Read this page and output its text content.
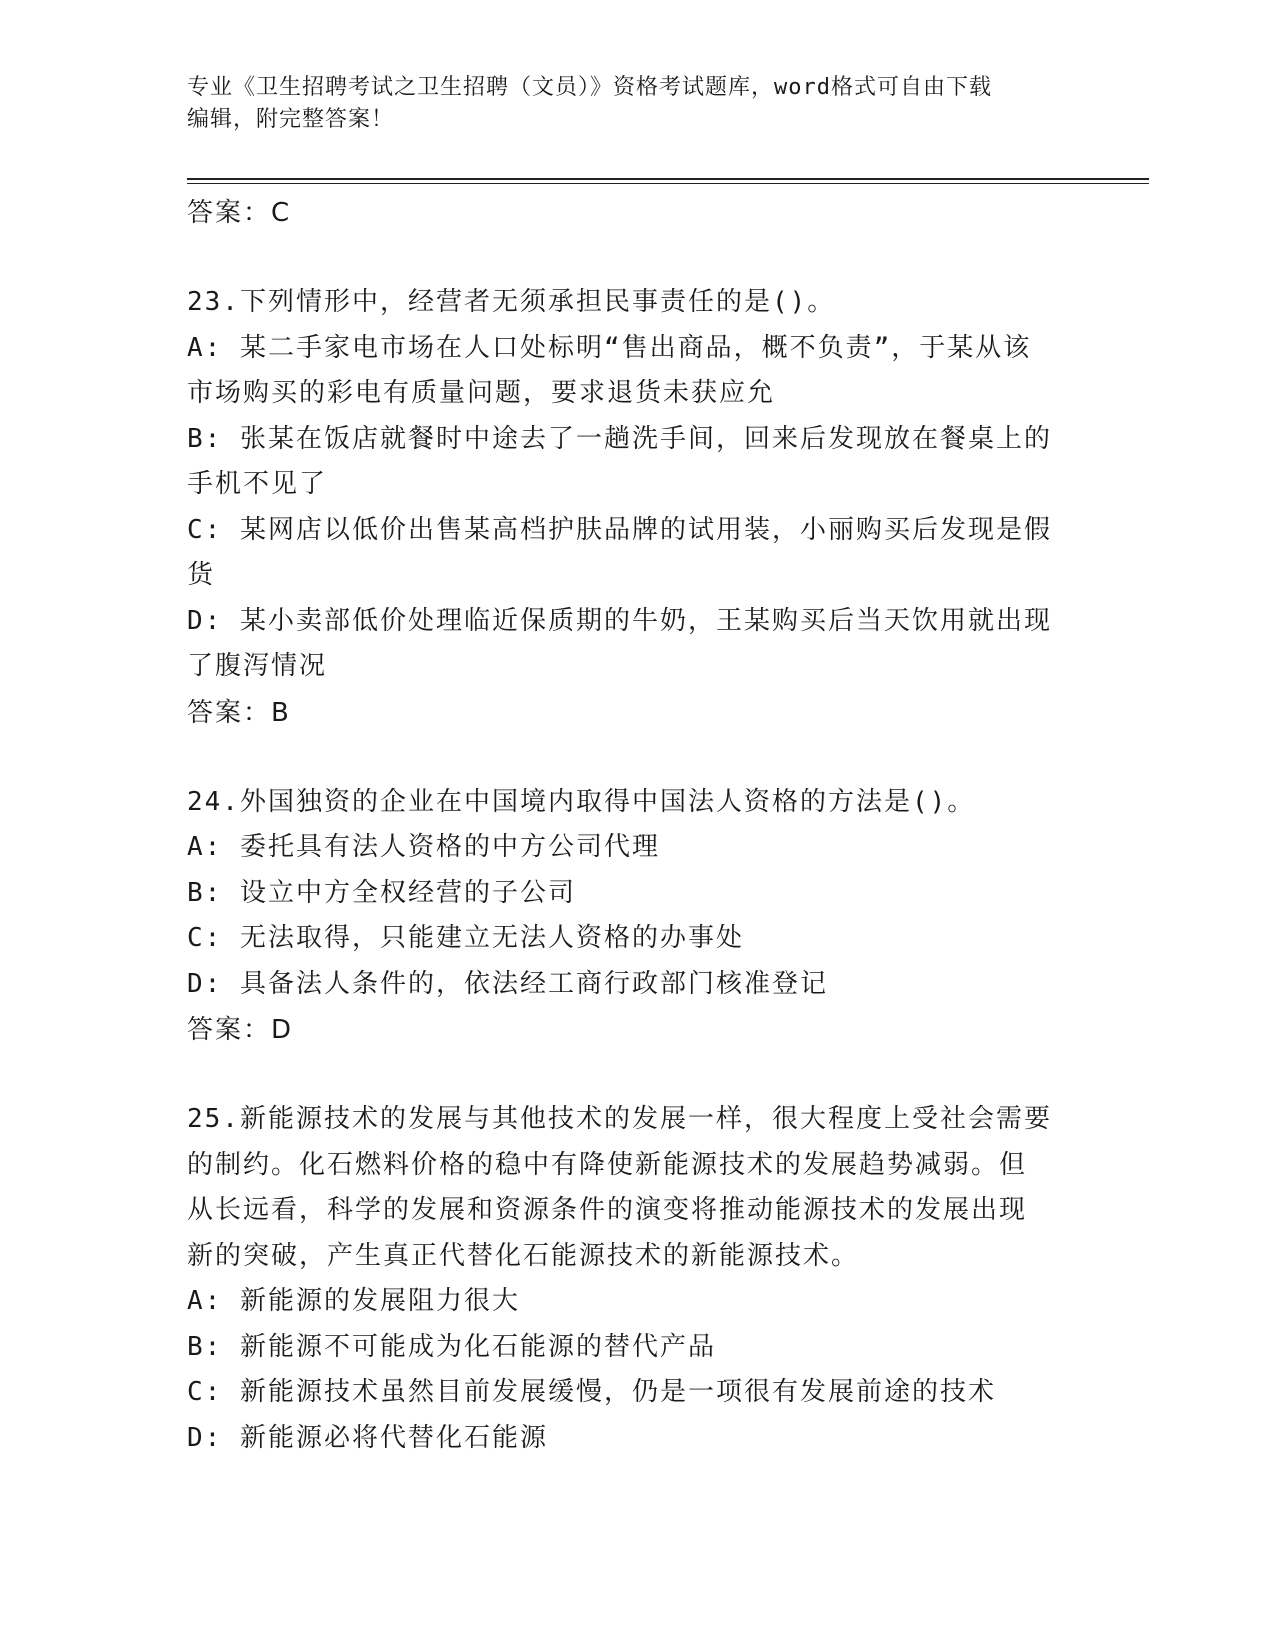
专业《卫生招聘考试之卫生招聘（文员）》资格考试题库，word格式可自由下载
编辑，附完整答案！
答案：C
23.下列情形中，经营者无须承担民事责任的是()。
A: 某二手家电市场在人口处标明“售出商品，概不负责”，于某从该
市场购买的彩电有质量问题，要求退货未获应允
B: 张某在饭店就餐时中途去了一趟洗手间，回来后发现放在餐桌上的
手机不见了
C: 某网店以低价出售某高档护肤品牌的试用装，小丽购买后发现是假
货
D: 某小卖部低价处理临近保质期的牛奶，王某购买后当天饮用就出现
了腹泻情况
答案：B
24.外国独资的企业在中国境内取得中国法人资格的方法是()。
A: 委托具有法人资格的中方公司代理
B: 设立中方全权经营的子公司
C: 无法取得，只能建立无法人资格的办事处
D: 具备法人条件的，依法经工商行政部门核准登记
答案：D
25.新能源技术的发展与其他技术的发展一样，很大程度上受社会需要
的制约。化石燃料价格的稳中有降使新能源技术的发展趋势减弱。但
从长远看，科学的发展和资源条件的演变将推动能源技术的发展出现
新的突破，产生真正代替化石能源技术的新能源技术。
A: 新能源的发展阻力很大
B: 新能源不可能成为化石能源的替代产品
C: 新能源技术虽然目前发展缓慢，仍是一项很有发展前途的技术
D: 新能源必将代替化石能源
